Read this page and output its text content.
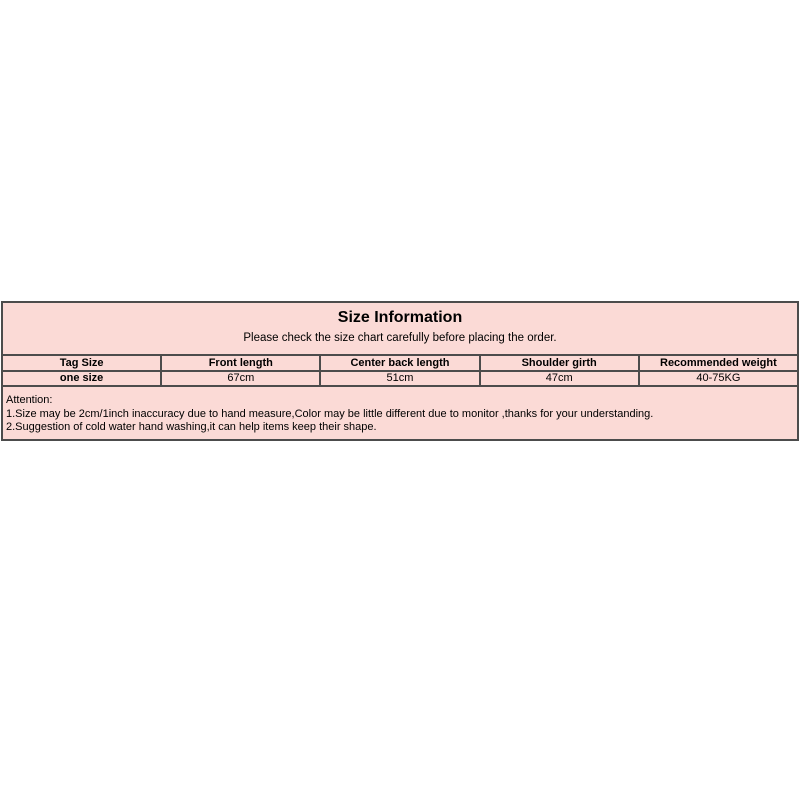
Size Information
Please check the size chart carefully before placing the order.				

Tag Size	Front length	Center back length	Shoulder girth	Recommended weight
one size	67cm	51cm	47cm	40-75KG

Attention:
1.Size may be 2cm/1inch inaccuracy due to hand measure,Color may be little different due to monitor ,thanks for your understanding.
2.Suggestion of cold water hand washing,it can help items keep their shape.				
